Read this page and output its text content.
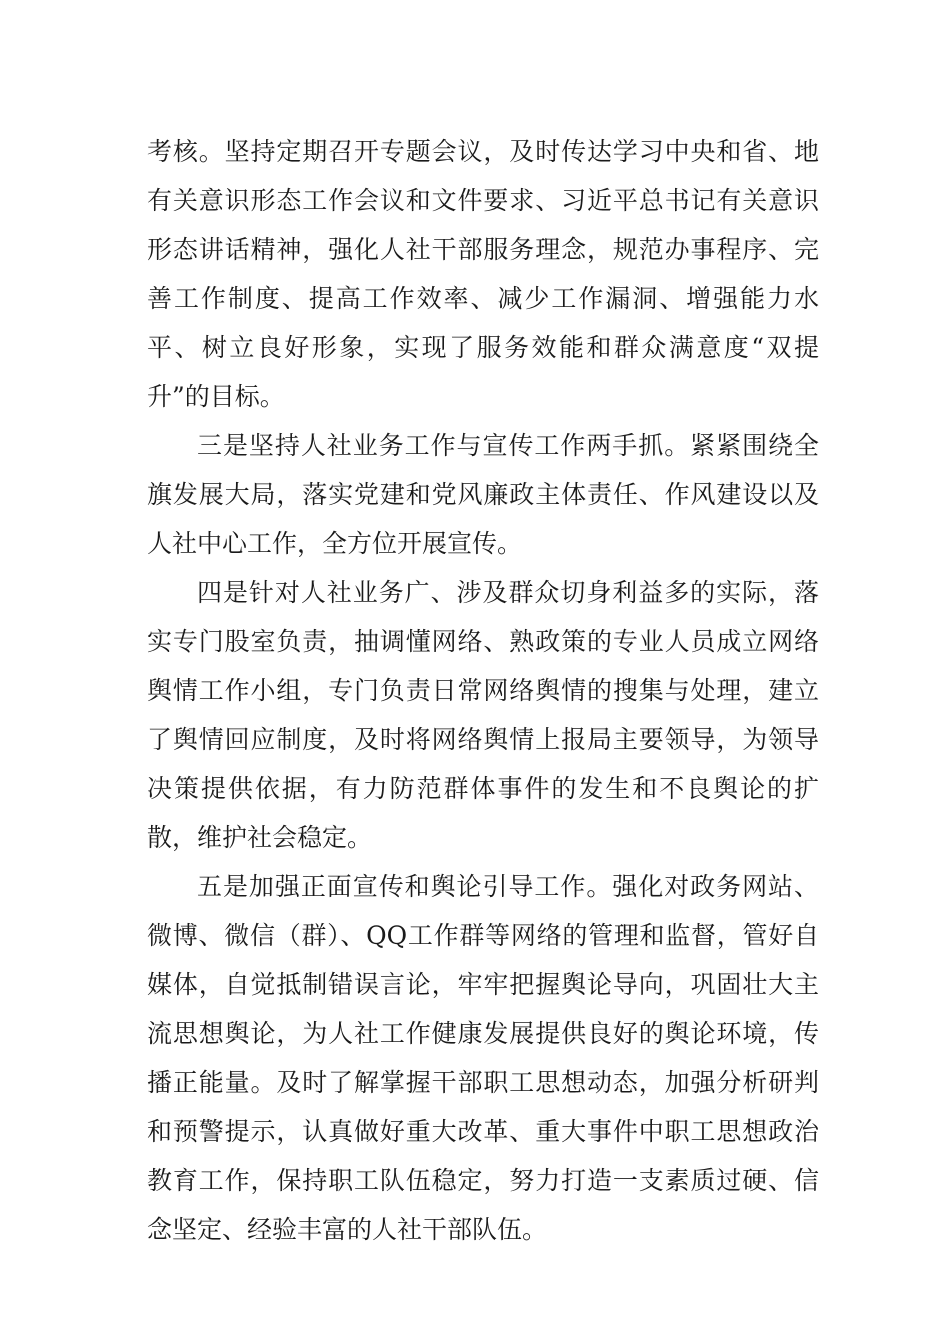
考核。坚持定期召开专题会议，及时传达学习中央和省、地有关意识形态工作会议和文件要求、习近平总书记有关意识形态讲话精神，强化人社干部服务理念，规范办事程序、完善工作制度、提高工作效率、减少工作漏洞、增强能力水平、树立良好形象，实现了服务效能和群众满意度“双提升”的目标。

三是坚持人社业务工作与宣传工作两手抓。紧紧围绕全旗发展大局，落实党建和党风廉政主体责任、作风建设以及人社中心工作，全方位开展宣传。

四是针对人社业务广、涉及群众切身利益多的实际，落实专门股室负责，抽调懂网络、熟政策的专业人员成立网络舆情工作小组，专门负责日常网络舆情的搜集与处理，建立了舆情回应制度，及时将网络舆情上报局主要领导，为领导决策提供依据，有力防范群体事件的发生和不良舆论的扩散，维护社会稳定。

五是加强正面宣传和舆论引导工作。强化对政务网站、微博、微信（群）、QQ工作群等网络的管理和监督，管好自媒体，自觉抵制错误言论，牢牢把握舆论导向，巩固壮大主流思想舆论，为人社工作健康发展提供良好的舆论环境，传播正能量。及时了解掌握干部职工思想动态，加强分析研判和预警提示，认真做好重大改革、重大事件中职工思想政治教育工作，保持职工队伍稳定，努力打造一支素质过硬、信念坚定、经验丰富的人社干部队伍。
